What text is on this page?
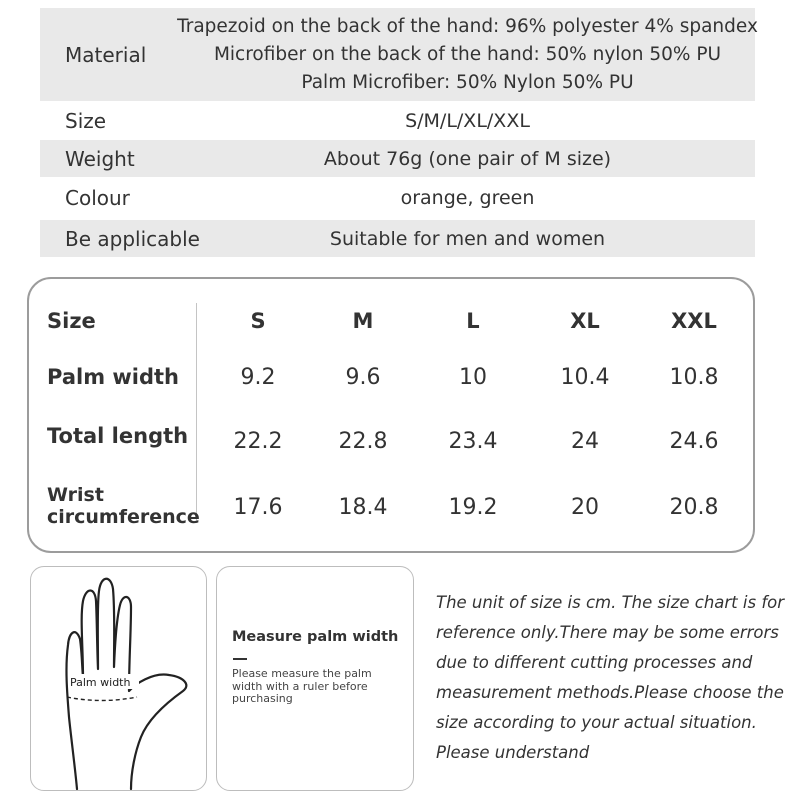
Material
Trapezoid on the back of the hand: 96% polyester 4% spandex
Microfiber on the back of the hand: 50% nylon 50% PU
Palm Microfiber: 50% Nylon 50% PU
Size	S/M/L/XL/XXL
Weight	About 76g (one pair of M size)
Colour	orange, green
Be applicable	Suitable for men and women
Size	S	M	L	XL	XXL
Palm width	9.2	9.6	10	10.4	10.8
Total length	22.2	22.8	23.4	24	24.6
Wrist
circumference	17.6	18.4	19.2	20	20.8
Palm width
Measure palm width
Please measure the palm
width with a ruler before
purchasing
The unit of size is cm. The size chart is for
reference only.There may be some errors
due to different cutting processes and
measurement methods.Please choose the
size according to your actual situation.
Please understand
